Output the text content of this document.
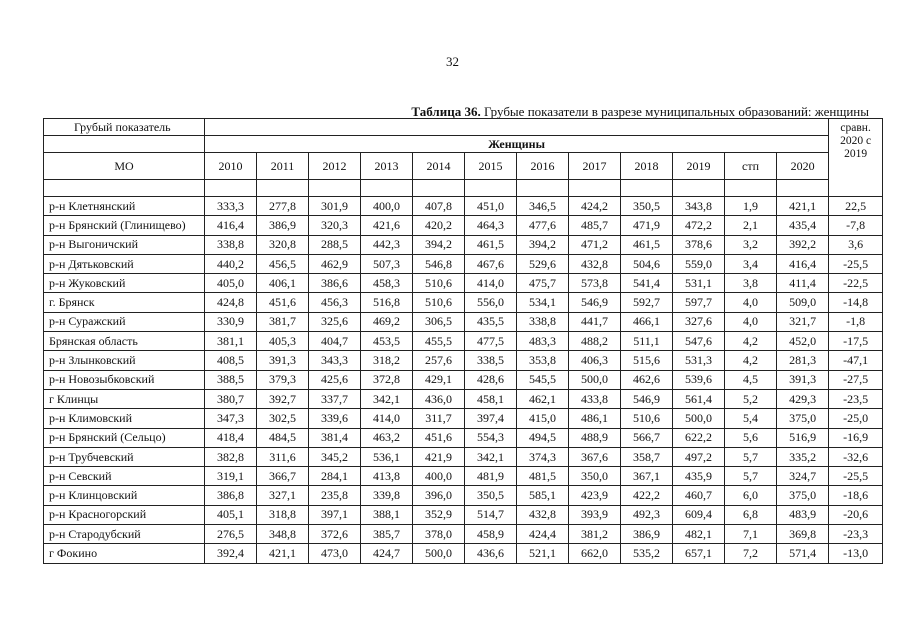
32
Таблица 36. Грубые показатели в разрезе муниципальных образований: женщины
Грубый показатель													сравн. 2020 с 2019

	Женщины												
МО	2010	2011	2012	2013	2014	2015	2016	2017	2018	2019	стп	2020	

р-н Клетнянский	333,3	277,8	301,9	400,0	407,8	451,0	346,5	424,2	350,5	343,8	1,9	421,1	22,5
р-н Брянский (Глинищево)	416,4	386,9	320,3	421,6	420,2	464,3	477,6	485,7	471,9	472,2	2,1	435,4	-7,8
р-н Выгоничский	338,8	320,8	288,5	442,3	394,2	461,5	394,2	471,2	461,5	378,6	3,2	392,2	3,6
р-н Дятьковский	440,2	456,5	462,9	507,3	546,8	467,6	529,6	432,8	504,6	559,0	3,4	416,4	-25,5
р-н Жуковский	405,0	406,1	386,6	458,3	510,6	414,0	475,7	573,8	541,4	531,1	3,8	411,4	-22,5
г. Брянск	424,8	451,6	456,3	516,8	510,6	556,0	534,1	546,9	592,7	597,7	4,0	509,0	-14,8
р-н Суражский	330,9	381,7	325,6	469,2	306,5	435,5	338,8	441,7	466,1	327,6	4,0	321,7	-1,8
Брянская область	381,1	405,3	404,7	453,5	455,5	477,5	483,3	488,2	511,1	547,6	4,2	452,0	-17,5
р-н Злынковский	408,5	391,3	343,3	318,2	257,6	338,5	353,8	406,3	515,6	531,3	4,2	281,3	-47,1
р-н Новозыбковский	388,5	379,3	425,6	372,8	429,1	428,6	545,5	500,0	462,6	539,6	4,5	391,3	-27,5
г Клинцы	380,7	392,7	337,7	342,1	436,0	458,1	462,1	433,8	546,9	561,4	5,2	429,3	-23,5
р-н Климовский	347,3	302,5	339,6	414,0	311,7	397,4	415,0	486,1	510,6	500,0	5,4	375,0	-25,0
р-н Брянский (Сельцо)	418,4	484,5	381,4	463,2	451,6	554,3	494,5	488,9	566,7	622,2	5,6	516,9	-16,9
р-н Трубчевский	382,8	311,6	345,2	536,1	421,9	342,1	374,3	367,6	358,7	497,2	5,7	335,2	-32,6
р-н Севский	319,1	366,7	284,1	413,8	400,0	481,9	481,5	350,0	367,1	435,9	5,7	324,7	-25,5
р-н Клинцовский	386,8	327,1	235,8	339,8	396,0	350,5	585,1	423,9	422,2	460,7	6,0	375,0	-18,6
р-н Красногорский	405,1	318,8	397,1	388,1	352,9	514,7	432,8	393,9	492,3	609,4	6,8	483,9	-20,6
р-н Стародубский	276,5	348,8	372,6	385,7	378,0	458,9	424,4	381,2	386,9	482,1	7,1	369,8	-23,3
г Фокино	392,4	421,1	473,0	424,7	500,0	436,6	521,1	662,0	535,2	657,1	7,2	571,4	-13,0
